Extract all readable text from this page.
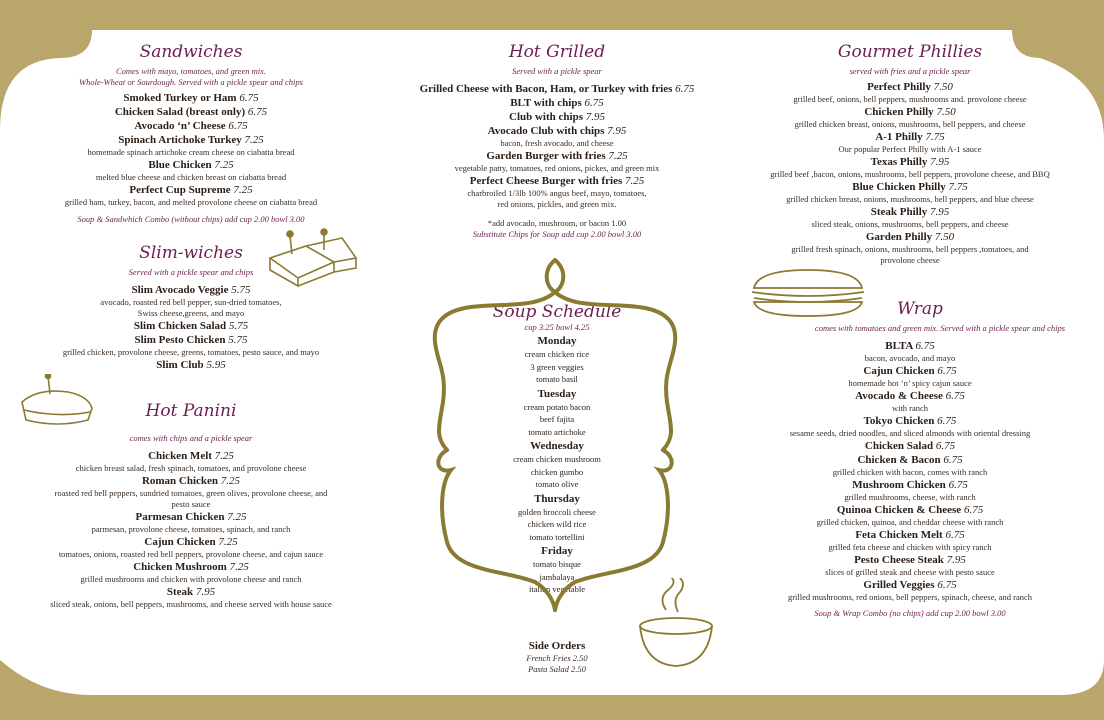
Sandwiches
Comes with mayo, tomatoes, and green mix.
Whole-Wheat or Sourdough. Served with a pickle spear and chips
Smoked Turkey or Ham 6.75
Chicken Salad (breast only) 6.75
Avocado ‘n’ Cheese 6.75
Spinach Artichoke Turkey 7.25
homemade spinach artichoke cream cheese on ciabatta bread
Blue Chicken 7.25
melted blue cheese and chicken breast on ciabatta bread
Perfect Cup Supreme 7.25
grilled ham, turkey, bacon, and melted provolone cheese on ciabatta bread
Soup & Sandwhich Combo (without chips) add cup 2.00 bowl 3.00
Slim-wiches
Served with a pickle spear and chips
Slim Avocado Veggie 5.75
avocado, roasted red bell pepper, sun-dried tomatoes,
Swiss cheese,greens, and mayo
Slim Chicken Salad 5.75
Slim Pesto Chicken 5.75
grilled chicken, provolone cheese, greens, tomatoes, pesto sauce, and mayo
Slim Club 5.95
Hot Panini
comes with chips and a pickle spear
Chicken Melt 7.25
chicken breast salad, fresh spinach, tomatoes, and provolone cheese
Roman Chicken 7.25
roasted red bell peppers, sundried tomatoes, green olives, provolone cheese, and
pesto sauce
Parmesan Chicken 7.25
parmesan, provolone cheese, tomatoes, spinach, and ranch
Cajun Chicken 7.25
tomatoes, onions, roasted red bell peppers, provolone cheese, and cajun sauce
Chicken Mushroom 7.25
grilled mushrooms and chicken with provolone cheese and ranch
Steak 7.95
sliced steak, onions, bell peppers, mushrooms, and cheese served with house sauce
Hot Grilled
Served with a pickle spear
Grilled Cheese with Bacon, Ham, or Turkey with fries 6.75
BLT with chips 6.75
Club with chips 7.95
Avocado Club with chips 7.95
bacon, fresh avocado, and cheese
Garden Burger with fries 7.25
vegetable patty, tomatoes, red onions, pickes, and green mix
Perfect Cheese Burger with fries 7.25
charbroiled 1/3lb 100% angus beef, mayo, tomatoes,
red onions, pickles, and green mix.
*add avocado, mushroom, or bacon 1.00
Substitute Chips for Soup add cup 2.00 bowl 3.00
Soup Schedule
cup 3.25 bowl 4.25
Monday
cream chicken rice
3 green veggies
tomato basil
Tuesday
cream potato bacon
beef fajita
tomato artichoke
Wednesday
cream chicken mushroom
chicken gumbo
tomato olive
Thursday
golden broccoli cheese
chicken wild rice
tomato tortellini
Friday
tomato bisque
jambalaya
italian vegetable
Side Orders
French Fries 2.50
Pasta Salad 2.50
Gourmet Phillies
served with fries and a pickle spear
Perfect Philly 7.50
grilled beef, onions, bell peppers, mushrooms and. provolone cheese
Chicken Philly 7.50
grilled chicken breast, onions, mushrooms, bell peppers, and cheese
A-1 Philly 7.75
Our popular Perfect Philly with A-1 sauce
Texas Philly 7.95
grilled beef ,bacon, onions, mushrooms, bell peppers, provolone cheese, and BBQ
Blue Chicken Philly 7.75
grilled chicken breast, onions, mushrooms, bell peppers, and blue cheese
Steak Philly 7.95
sliced steak, onions, mushrooms, bell peppers, and cheese
Garden Philly 7.50
grilled fresh spinach, onions, mushrooms, bell peppers ,tomatoes, and
provolone cheese
Wrap
comes with tomatoes and green mix. Served with a pickle spear and chips
BLTA 6.75
bacon, avocado, and mayo
Cajun Chicken 6.75
homemade hot ‘n’ spicy cajun sauce
Avocado & Cheese 6.75
with ranch
Tokyo Chicken 6.75
sesame seeds, dried noodles, and sliced almonds with oriental dressing
Chicken Salad 6.75
Chicken & Bacon 6.75
grilled chicken with bacon, comes with ranch
Mushroom Chicken 6.75
grilled mushrooms, cheese, with ranch
Quinoa Chicken & Cheese 6.75
grilled chicken, quinoa, and cheddar cheese with ranch
Feta Chicken Melt 6.75
grilled feta cheese and chicken with spicy ranch
Pesto Cheese Steak 7.95
slices of grilled steak and cheese with pesto sauce
Grilled Veggies 6.75
grilled mushrooms, red onions, bell peppers, spinach, cheese, and ranch
Soup & Wrap Combo (no chips) add cup 2.00 bowl 3.00
